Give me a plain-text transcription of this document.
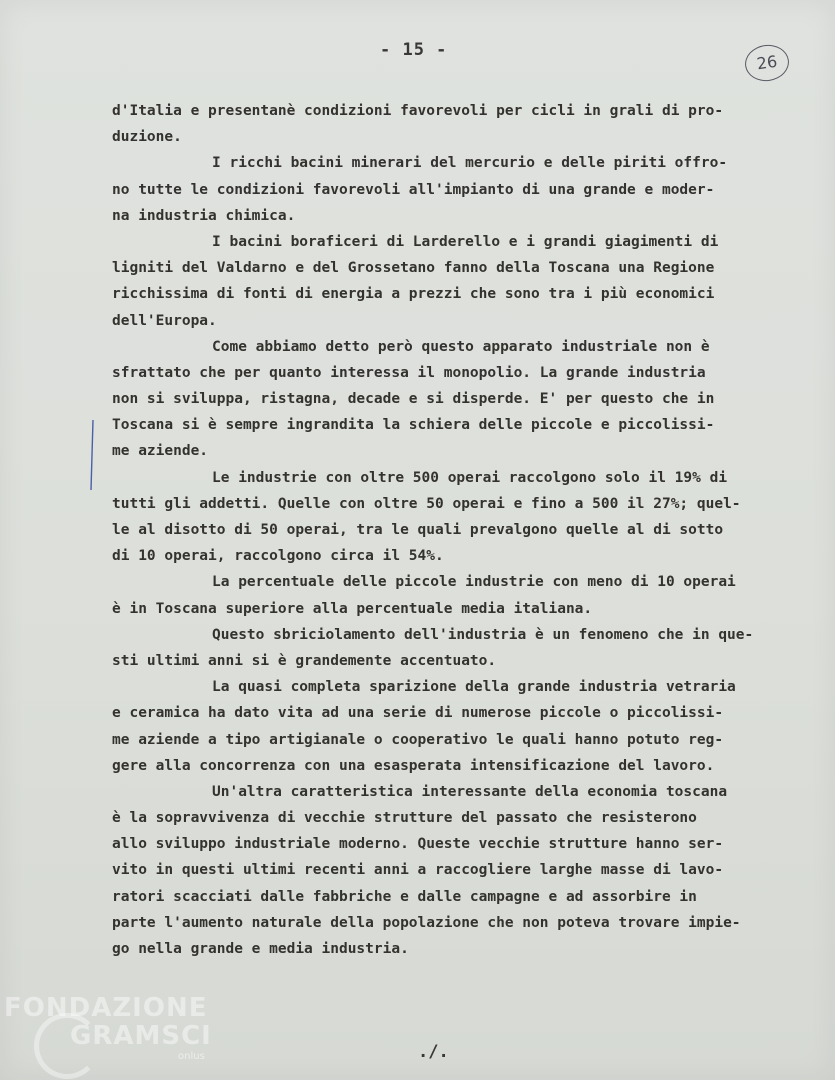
- 15 -
26
d'Italia e presentanè condizioni favorevoli per cicli in grali di pro-
duzione.
I ricchi bacini minerari del mercurio e delle piriti offro-
no tutte le condizioni favorevoli all'impianto di una grande e moder-
na industria chimica.
I bacini boraficeri di Larderello e i grandi giagimenti di
ligniti del Valdarno e del Grossetano fanno della Toscana una Regione
ricchissima di fonti di energia a prezzi che sono tra i più economici
dell'Europa.
Come abbiamo detto però questo apparato industriale non è
sfrattato che per quanto interessa il monopolio. La grande industria
non si sviluppa, ristagna, decade e si disperde. E' per questo che in
Toscana si è sempre ingrandita la schiera delle piccole e piccolissi-
me aziende.
Le industrie con oltre 500 operai raccolgono solo il 19% di
tutti gli addetti. Quelle con oltre 50 operai e fino a 500 il 27%; quel-
le al disotto di 50 operai, tra le quali prevalgono quelle al di sotto
di 10 operai, raccolgono circa il 54%.
La percentuale delle piccole industrie con meno di 10 operai
è in Toscana superiore alla percentuale media italiana.
Questo sbriciolamento dell'industria è un fenomeno che in que-
sti ultimi anni si è grandemente accentuato.
La quasi completa sparizione della grande industria vetraria
e ceramica ha dato vita ad una serie di numerose piccole o piccolissi-
me aziende a tipo artigianale o cooperativo le quali hanno potuto reg-
gere alla concorrenza con una esasperata intensificazione del lavoro.
Un'altra caratteristica interessante della economia toscana
è la sopravvivenza di vecchie strutture del passato che resisterono
allo sviluppo industriale moderno. Queste vecchie strutture hanno ser-
vito in questi ultimi recenti anni a raccogliere larghe masse di lavo-
ratori scacciati dalle fabbriche e dalle campagne e ad assorbire in
parte l'aumento naturale della popolazione che non poteva trovare impie-
go nella grande e media industria.
./.
FONDAZIONE
GRAMSCI
onlus
